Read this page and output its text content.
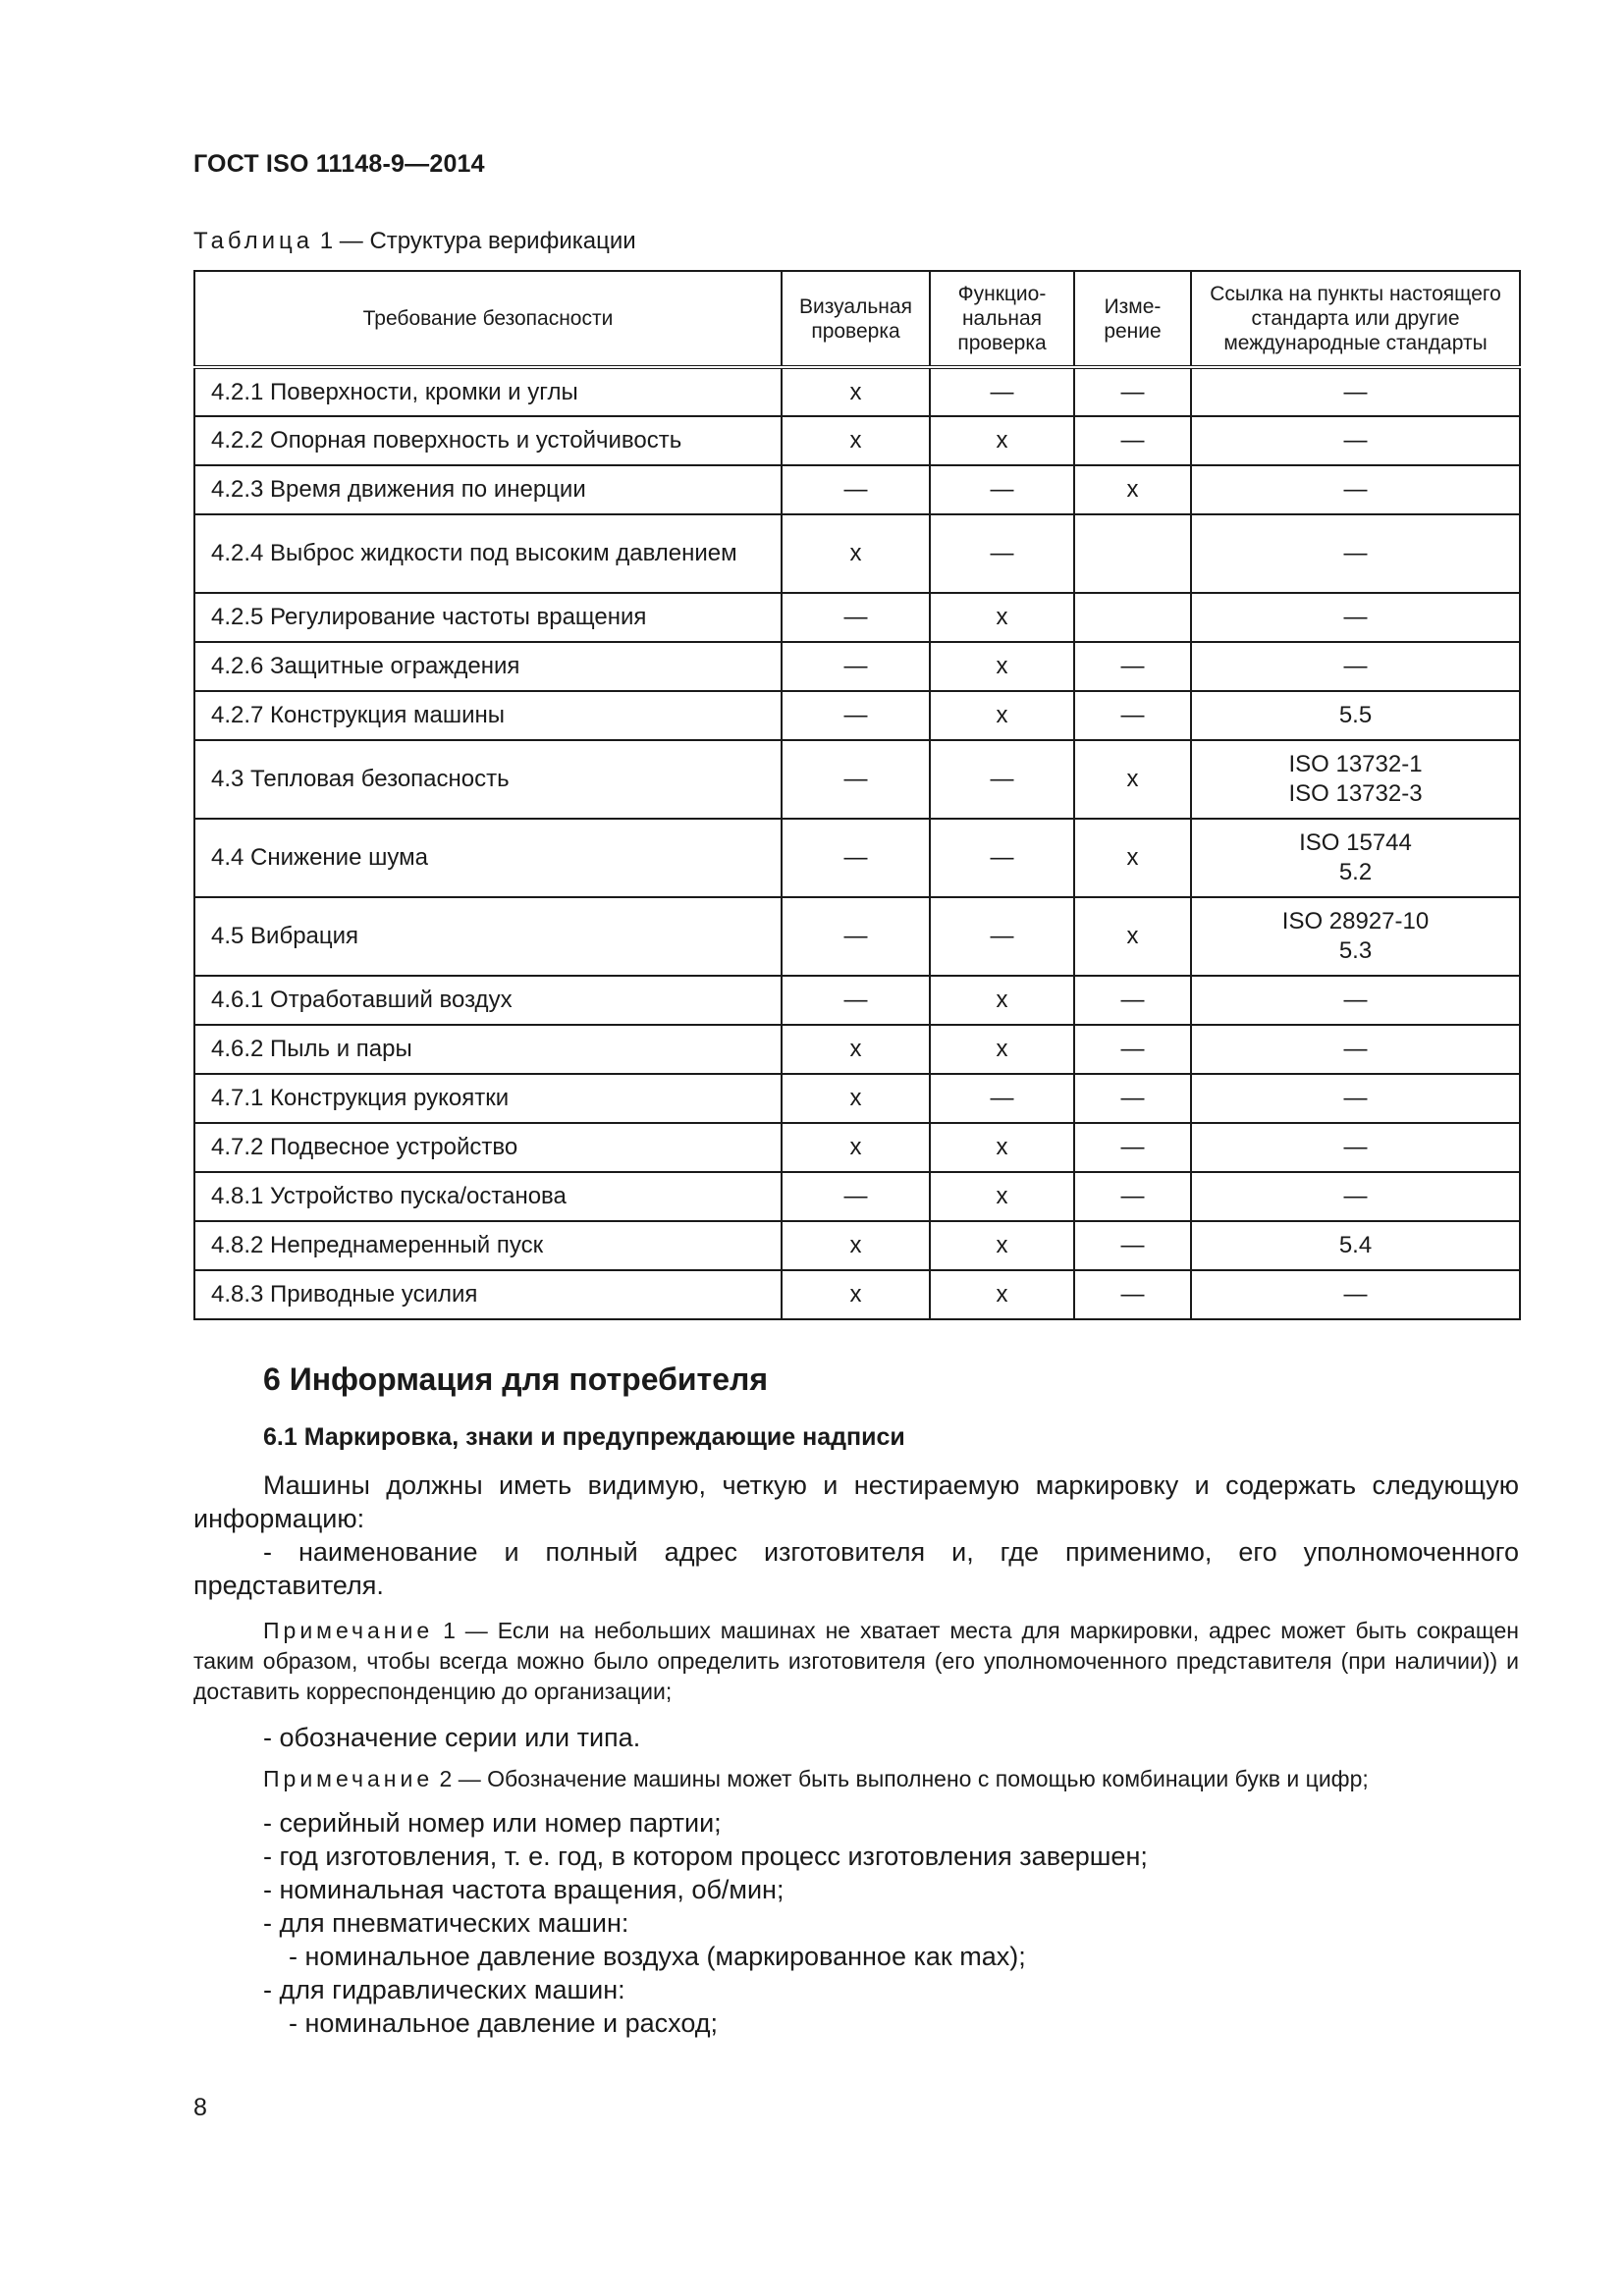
ГОСТ ISO 11148-9—2014
Таблица 1 — Структура верификации
Требование безопасности	Визуальная проверка	Функцио-нальная проверка	Изме-рение	Ссылка на пункты настоящего стандарта или другие международные стандарты
4.2.1 Поверхности, кромки и углы	x	—	—	—
4.2.2 Опорная поверхность и устойчивость	x	x	—	—
4.2.3 Время движения по инерции	—	—	x	—
4.2.4 Выброс жидкости под высоким давлением	x	—		—
4.2.5 Регулирование частоты вращения	—	x		—
4.2.6 Защитные ограждения	—	x	—	—
4.2.7 Конструкция машины	—	x	—	5.5
4.3 Тепловая безопасность	—	—	x	ISO 13732-1
ISO 13732-3
4.4 Снижение шума	—	—	x	ISO 15744
5.2
4.5 Вибрация	—	—	x	ISO 28927-10
5.3
4.6.1 Отработавший воздух	—	x	—	—
4.6.2 Пыль и пары	x	x	—	—
4.7.1 Конструкция рукоятки	x	—	—	—
4.7.2 Подвесное устройство	x	x	—	—
4.8.1 Устройство пуска/останова	—	x	—	—
4.8.2 Непреднамеренный пуск	x	x	—	5.4
4.8.3 Приводные усилия	x	x	—	—
6 Информация для потребителя
6.1 Маркировка, знаки и предупреждающие надписи

Машины должны иметь видимую, четкую и нестираемую маркировку и содержать следующую информацию:

- наименование и полный адрес изготовителя и, где применимо, его уполномоченного представителя.

Примечание 1 — Если на небольших машинах не хватает места для маркировки, адрес может быть сокращен таким образом, чтобы всегда можно было определить изготовителя (его уполномоченного представителя (при наличии)) и доставить корреспонденцию до организации;

- обозначение серии или типа.

Примечание 2 — Обозначение машины может быть выполнено с помощью комбинации букв и цифр;

- серийный номер или номер партии;

- год изготовления, т. е. год, в котором процесс изготовления завершен;

- номинальная частота вращения, об/мин;

- для пневматических машин:

- номинальное давление воздуха (маркированное как max);

- для гидравлических машин:

- номинальное давление и расход;

8
